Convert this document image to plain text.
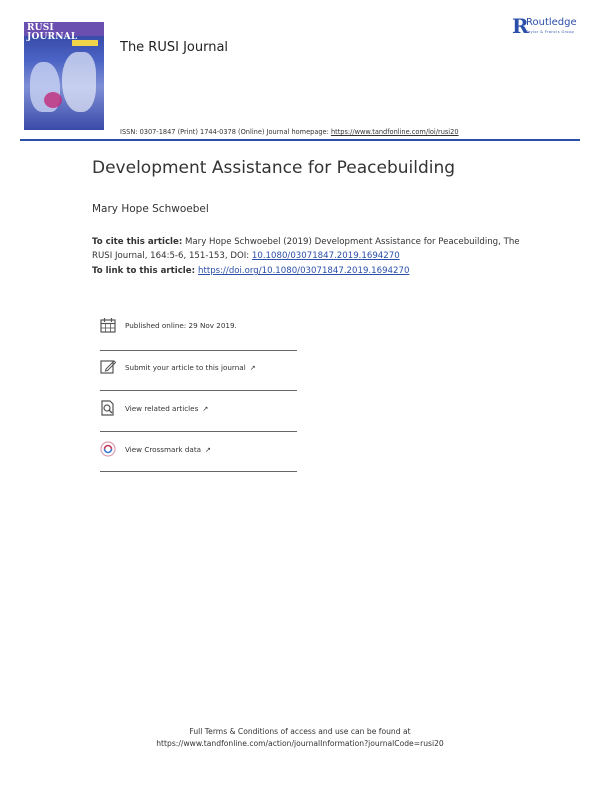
RUSI
JOURNAL
The RUSI Journal
R
Routledge
Taylor & Francis Group
ISSN: 0307-1847 (Print) 1744-0378 (Online) Journal homepage: https://www.tandfonline.com/loi/rusi20
Development Assistance for Peacebuilding
Mary Hope Schwoebel
To cite this article: Mary Hope Schwoebel (2019) Development Assistance for Peacebuilding, The RUSI Journal, 164:5-6, 151-153, DOI: 10.1080/03071847.2019.1694270
To link to this article: https://doi.org/10.1080/03071847.2019.1694270
Published online: 29 Nov 2019.
Submit your article to this journal ↗
View related articles ↗
View Crossmark data ↗
Full Terms & Conditions of access and use can be found at
https://www.tandfonline.com/action/journalInformation?journalCode=rusi20
